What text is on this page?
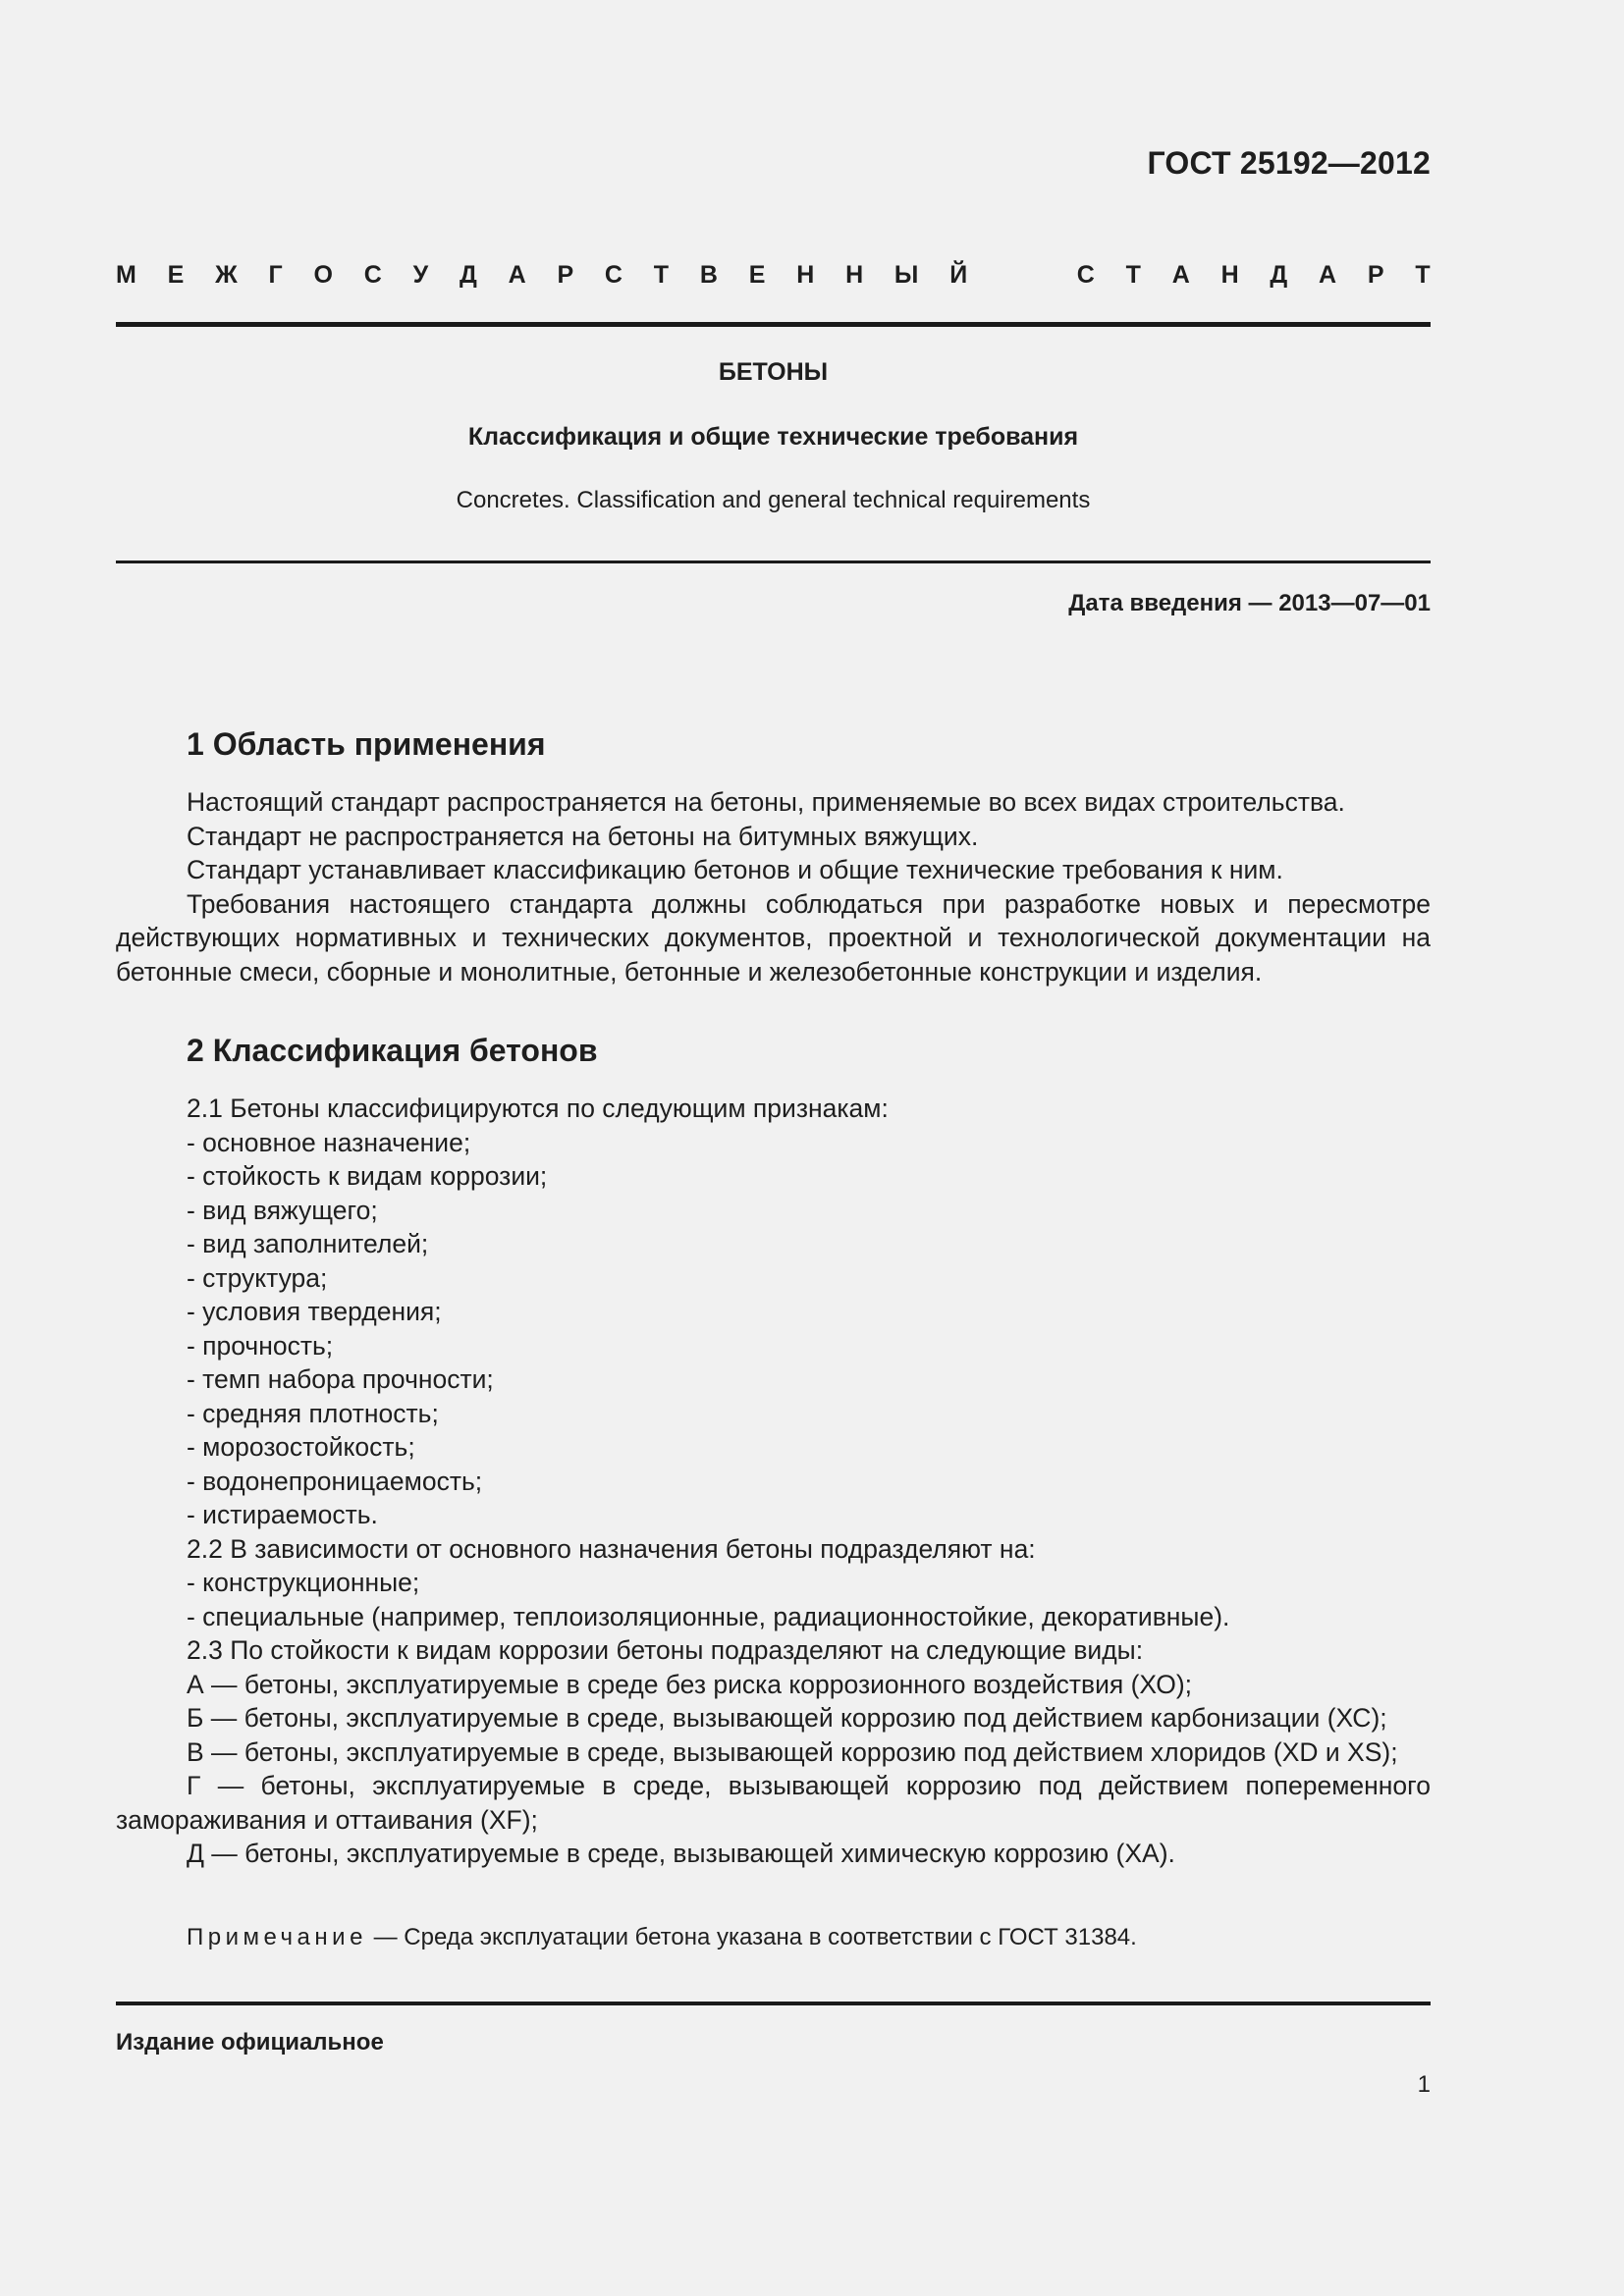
ГОСТ 25192—2012
М Е Ж Г О С У Д А Р С Т В Е Н Н Ы Й	С Т А Н Д А Р Т
БЕТОНЫ
Классификация и общие технические требования
Concretes. Classification and general technical requirements
Дата введения — 2013—07—01
1 Область применения

Настоящий стандарт распространяется на бетоны, применяемые во всех видах строительства.

Стандарт не распространяется на бетоны на битумных вяжущих.

Стандарт устанавливает классификацию бетонов и общие технические требования к ним.

Требования настоящего стандарта должны соблюдаться при разработке новых и пересмотре действующих нормативных и технических документов, проектной и технологической документации на бетонные смеси, сборные и монолитные, бетонные и железобетонные конструкции и изделия.

2 Классификация бетонов

2.1 Бетоны классифицируются по следующим признакам:

- основное назначение;

- стойкость к видам коррозии;

- вид вяжущего;

- вид заполнителей;

- структура;

- условия твердения;

- прочность;

- темп набора прочности;

- средняя плотность;

- морозостойкость;

- водонепроницаемость;

- истираемость.

2.2 В зависимости от основного назначения бетоны подразделяют на:

- конструкционные;

- специальные (например, теплоизоляционные, радиационностойкие, декоративные).

2.3 По стойкости к видам коррозии бетоны подразделяют на следующие виды:

А — бетоны, эксплуатируемые в среде без риска коррозионного воздействия (ХО);

Б — бетоны, эксплуатируемые в среде, вызывающей коррозию под действием карбонизации (ХС);

В — бетоны, эксплуатируемые в среде, вызывающей коррозию под действием хлоридов (XD и XS);

Г — бетоны, эксплуатируемые в среде, вызывающей коррозию под действием попеременного замораживания и оттаивания (XF);

Д — бетоны, эксплуатируемые в среде, вызывающей химическую коррозию (ХА).

Примечание — Среда эксплуатации бетона указана в соответствии с ГОСТ 31384.
Издание официальное
1
